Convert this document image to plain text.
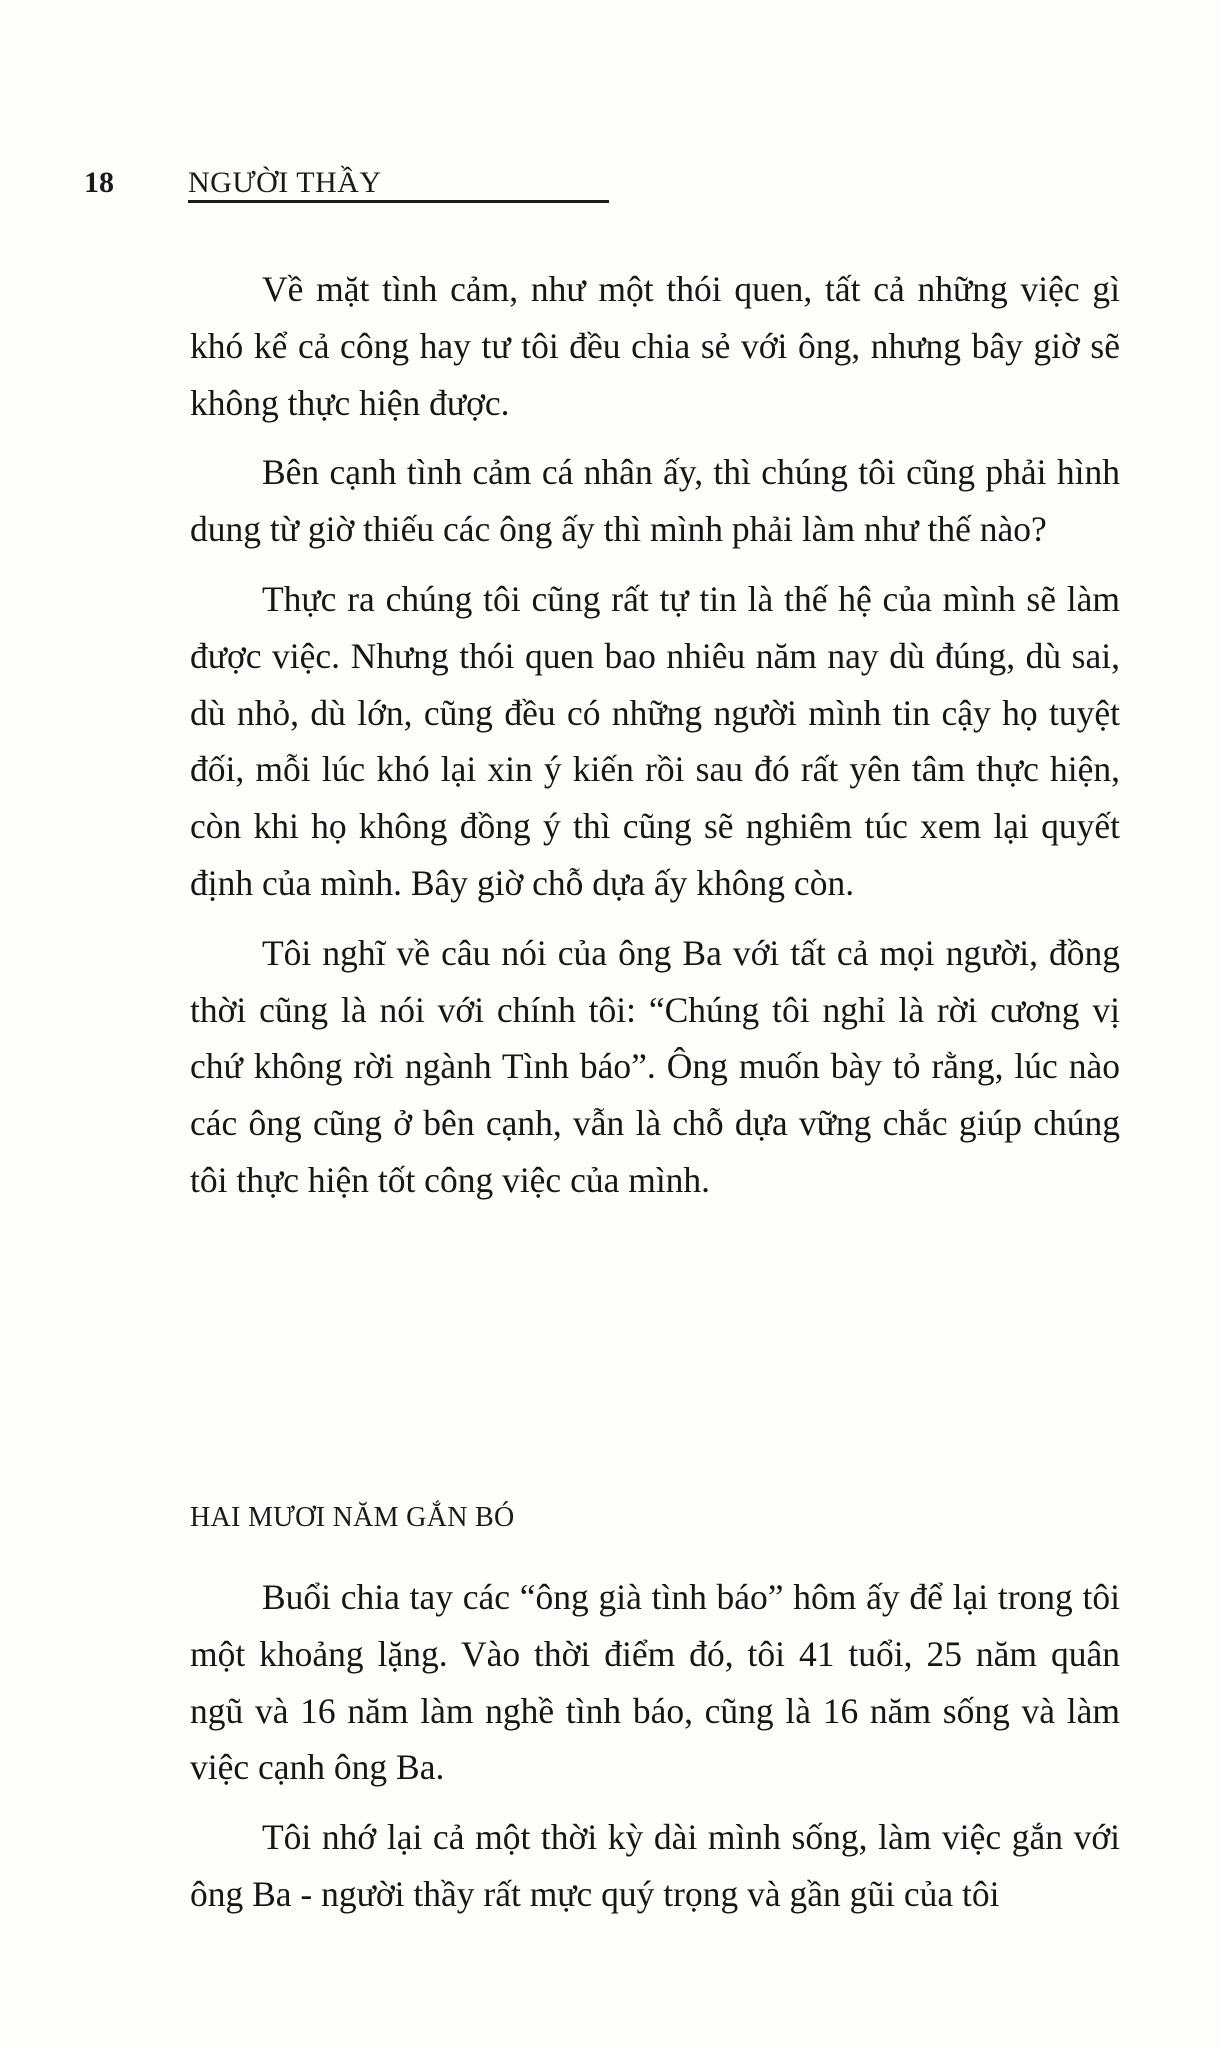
18 NGƯỜI THẦY

Về mặt tình cảm, như một thói quen, tất cả những việc gì khó kể cả công hay tư tôi đều chia sẻ với ông, nhưng bây giờ sẽ không thực hiện được.

Bên cạnh tình cảm cá nhân ấy, thì chúng tôi cũng phải hình dung từ giờ thiếu các ông ấy thì mình phải làm như thế nào?

Thực ra chúng tôi cũng rất tự tin là thế hệ của mình sẽ làm được việc. Nhưng thói quen bao nhiêu năm nay dù đúng, dù sai, dù nhỏ, dù lớn, cũng đều có những người mình tin cậy họ tuyệt đối, mỗi lúc khó lại xin ý kiến rồi sau đó rất yên tâm thực hiện, còn khi họ không đồng ý thì cũng sẽ nghiêm túc xem lại quyết định của mình. Bây giờ chỗ dựa ấy không còn.

Tôi nghĩ về câu nói của ông Ba với tất cả mọi người, đồng thời cũng là nói với chính tôi: “Chúng tôi nghỉ là rời cương vị chứ không rời ngành Tình báo”. Ông muốn bày tỏ rằng, lúc nào các ông cũng ở bên cạnh, vẫn là chỗ dựa vững chắc giúp chúng tôi thực hiện tốt công việc của mình.

HAI MƯƠI NĂM GẮN BÓ

Buổi chia tay các “ông già tình báo” hôm ấy để lại trong tôi một khoảng lặng. Vào thời điểm đó, tôi 41 tuổi, 25 năm quân ngũ và 16 năm làm nghề tình báo, cũng là 16 năm sống và làm việc cạnh ông Ba.

Tôi nhớ lại cả một thời kỳ dài mình sống, làm việc gắn với ông Ba - người thầy rất mực quý trọng và gần gũi của tôi
